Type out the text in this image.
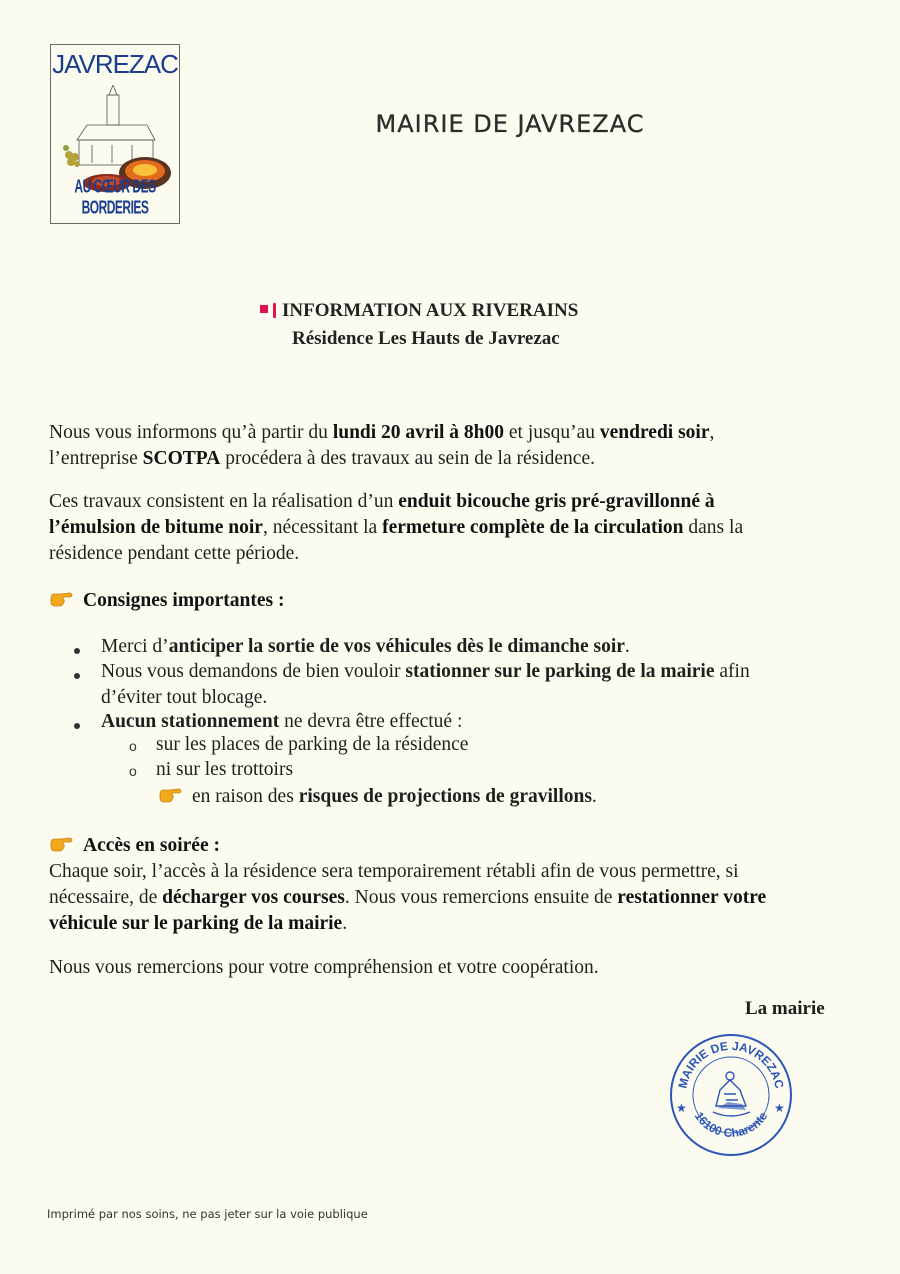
JAVREZAC
AU CŒUR DES BORDERIES
MAIRIE DE JAVREZAC
INFORMATION AUX RIVERAINS
Résidence Les Hauts de Javrezac
Nous vous informons qu’à partir du lundi 20 avril à 8h00 et jusqu’au vendredi soir,
l’entreprise SCOTPA procédera à des travaux au sein de la résidence.
Ces travaux consistent en la réalisation d’un enduit bicouche gris pré-gravillonné à
l’émulsion de bitume noir, nécessitant la fermeture complète de la circulation dans la
résidence pendant cette période.
Consignes importantes :
Merci d’anticiper la sortie de vos véhicules dès le dimanche soir.
Nous vous demandons de bien vouloir stationner sur le parking de la mairie afin
d’éviter tout blocage.
Aucun stationnement ne devra être effectué :
o sur les places de parking de la résidence
o ni sur les trottoirs
en raison des risques de projections de gravillons.
Accès en soirée :
Chaque soir, l’accès à la résidence sera temporairement rétabli afin de vous permettre, si
nécessaire, de décharger vos courses. Nous vous remercions ensuite de restationner votre
véhicule sur le parking de la mairie.
Nous vous remercions pour votre compréhension et votre coopération.
La mairie
MAIRIE DE JAVREZAC
16100 Charente
★	★
Imprimé par nos soins, ne pas jeter sur la voie publique
